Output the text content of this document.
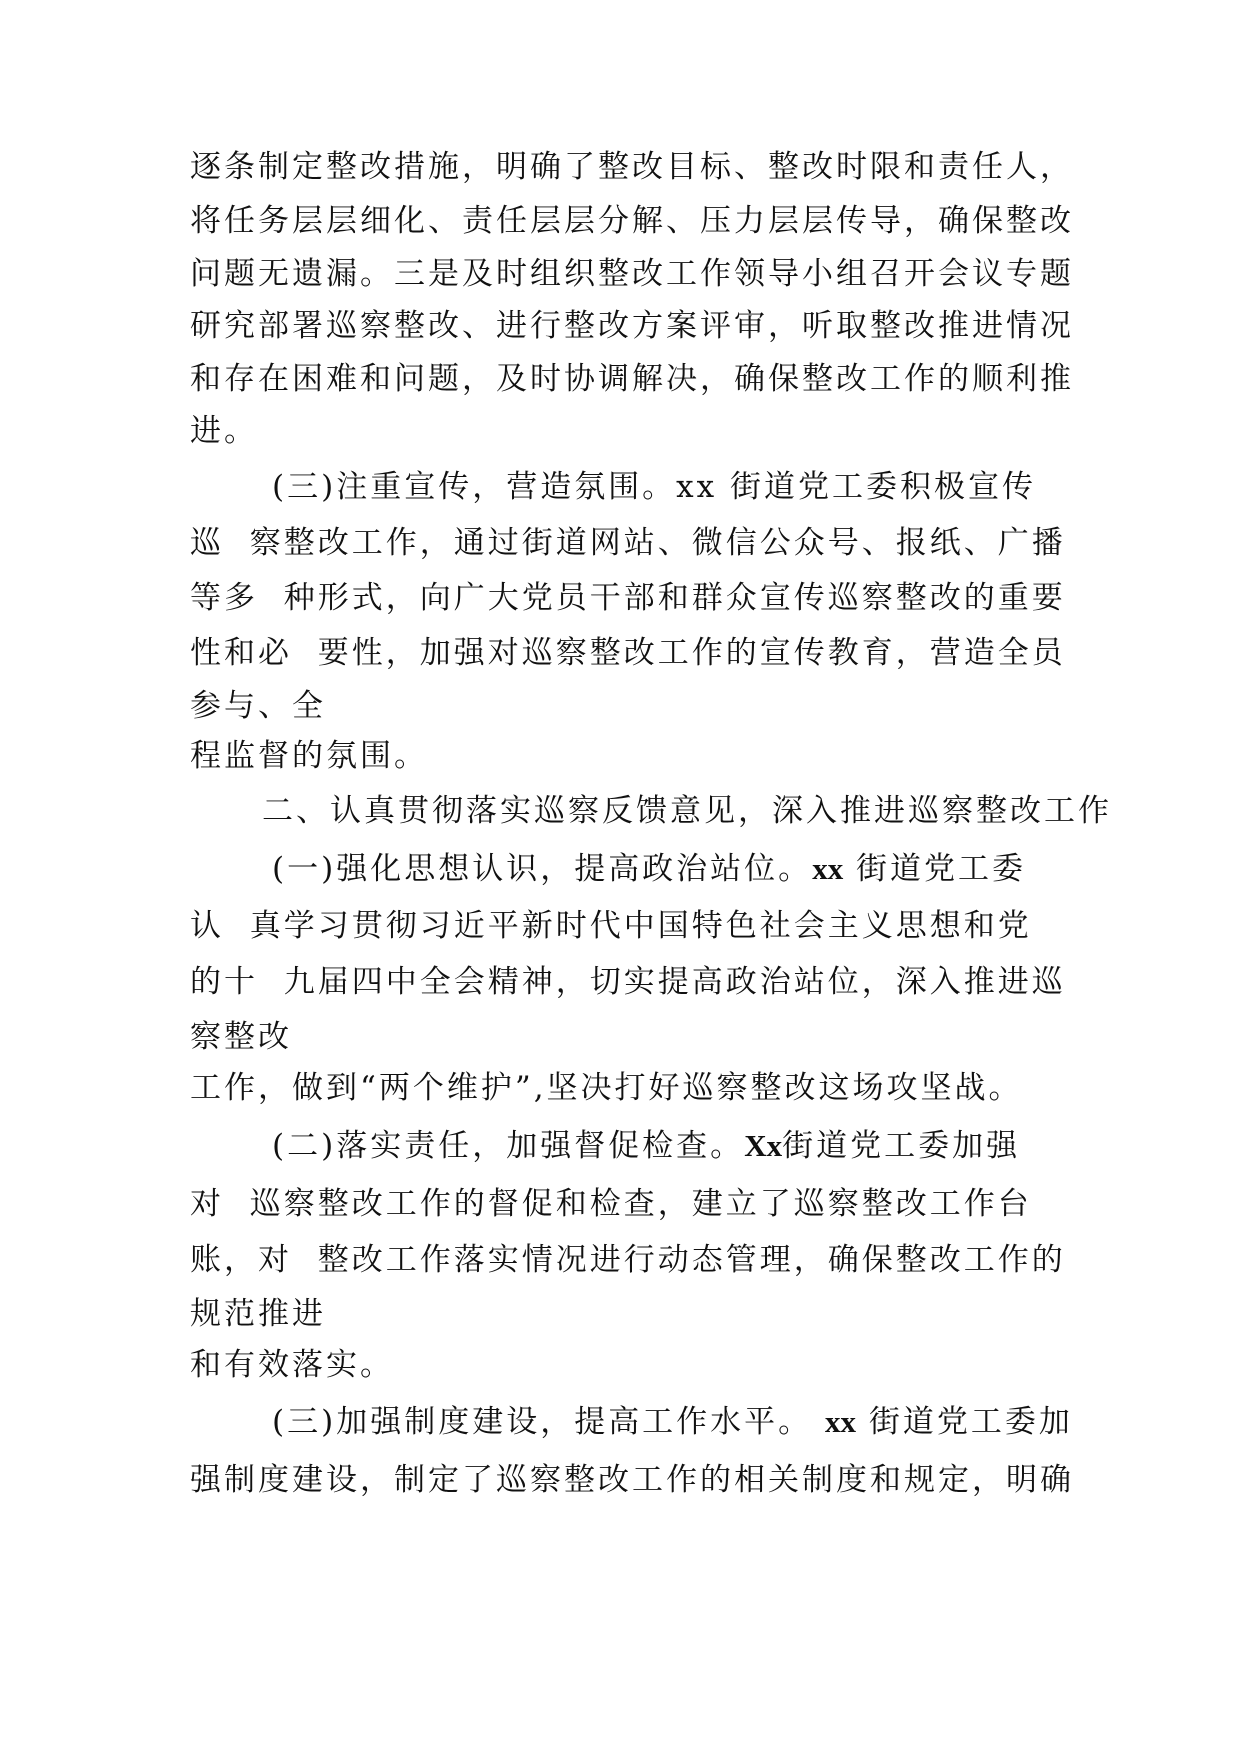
逐条制定整改措施，明确了整改目标、整改时限和责任人，
将任务层层细化、责任层层分解、压力层层传导，确保整改
问题无遗漏。三是及时组织整改工作领导小组召开会议专题
研究部署巡察整改、进行整改方案评审，听取整改推进情况
和存在困难和问题，及时协调解决，确保整改工作的顺利推
进。
(三)注重宣传，营造氛围。xx 街道党工委积极宣传
巡  察整改工作，通过街道网站、微信公众号、报纸、广播
等多  种形式，向广大党员干部和群众宣传巡察整改的重要
性和必  要性，加强对巡察整改工作的宣传教育，营造全员
参与、全
程监督的氛围。
二、认真贯彻落实巡察反馈意见，深入推进巡察整改工作
(一)强化思想认识，提高政治站位。xx 街道党工委
认  真学习贯彻习近平新时代中国特色社会主义思想和党
的十  九届四中全会精神，切实提高政治站位，深入推进巡
察整改
工作，做到“两个维护”,坚决打好巡察整改这场攻坚战。
(二)落实责任，加强督促检查。Xx街道党工委加强
对  巡察整改工作的督促和检查，建立了巡察整改工作台
账，对  整改工作落实情况进行动态管理，确保整改工作的
规范推进
和有效落实。
(三)加强制度建设，提高工作水平。 xx 街道党工委加
强制度建设，制定了巡察整改工作的相关制度和规定，明确
